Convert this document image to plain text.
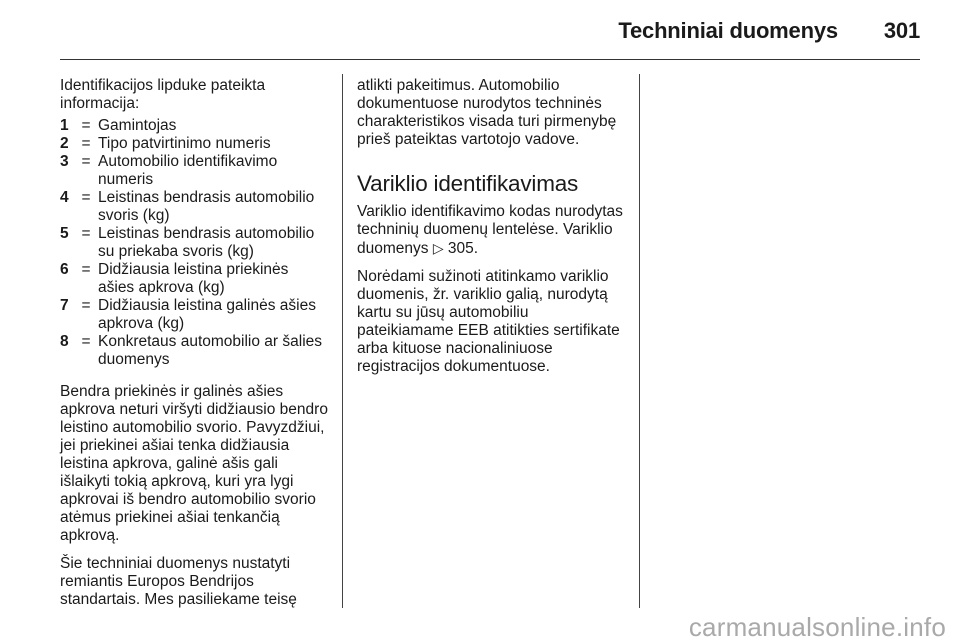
Techniniai duomenys 301

Identifikacijos lipduke pateikta informacija:

1 = Gamintojas
2 = Tipo patvirtinimo numeris
3 = Automobilio identifikavimo numeris
4 = Leistinas bendrasis automobilio svoris (kg)
5 = Leistinas bendrasis automobilio su priekaba svoris (kg)
6 = Didžiausia leistina priekinės ašies apkrova (kg)
7 = Didžiausia leistina galinės ašies apkrova (kg)
8 = Konkretaus automobilio ar šalies duomenys

Bendra priekinės ir galinės ašies apkrova neturi viršyti didžiausio bendro leistino automobilio svorio. Pavyzdžiui, jei priekinei ašiai tenka didžiausia leistina apkrova, galinė ašis gali išlaikyti tokią apkrovą, kuri yra lygi apkrovai iš bendro automobilio svorio atėmus priekinei ašiai tenkančią apkrovą.

Šie techniniai duomenys nustatyti remiantis Europos Bendrijos standartais. Mes pasiliekame teisę

atlikti pakeitimus. Automobilio dokumentuose nurodytos techninės charakteristikos visada turi pirmenybę prieš pateiktas vartotojo vadove.

Variklio identifikavimas

Variklio identifikavimo kodas nurodytas techninių duomenų lentelėse. Variklio duomenys ▷ 305.

Norėdami sužinoti atitinkamo variklio duomenis, žr. variklio galią, nurodytą kartu su jūsų automobiliu pateikiamame EEB atitikties sertifikate arba kituose nacionaliniuose registracijos dokumentuose.

carmanualsonline.info
